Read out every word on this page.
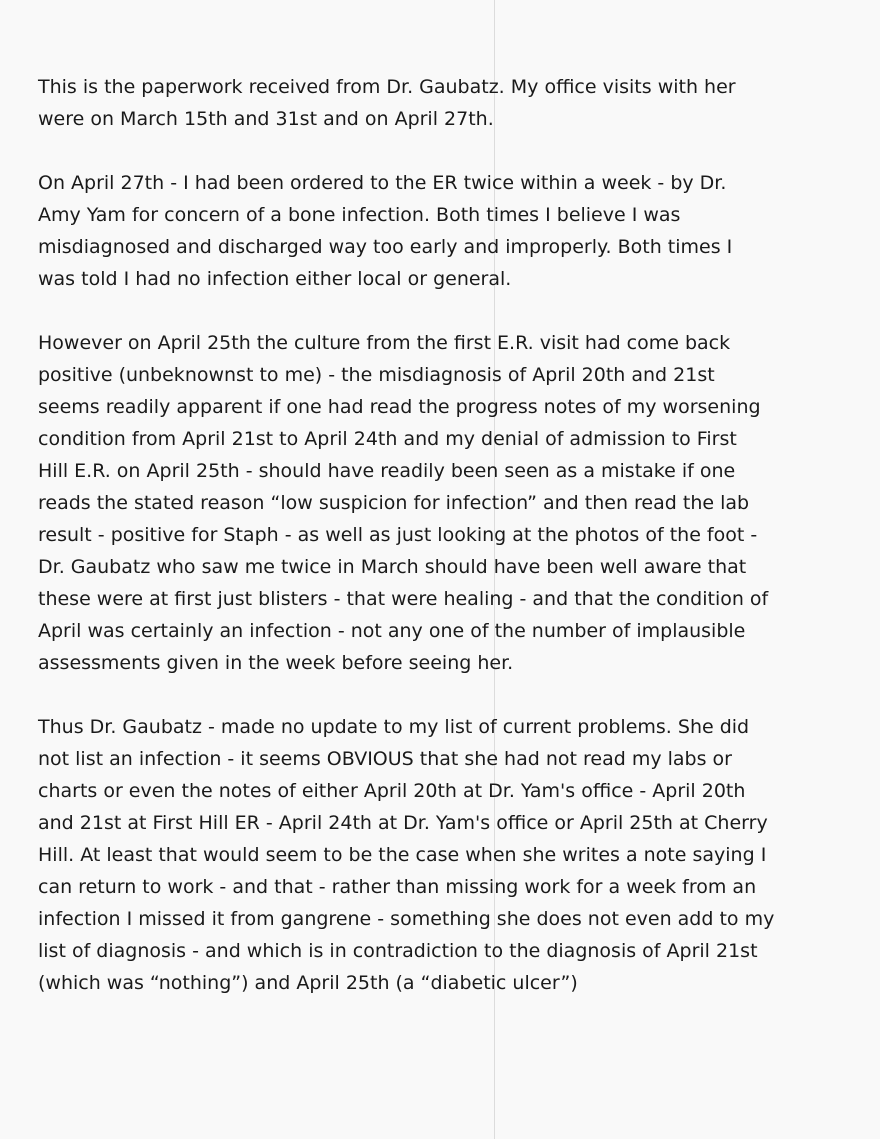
This is the paperwork received from Dr. Gaubatz. My office visits with her
were on March 15th and 31st and on April 27th.

On April 27th - I had been ordered to the ER twice within a week - by Dr.
Amy Yam for concern of a bone infection. Both times I believe I was
misdiagnosed and discharged way too early and improperly. Both times I
was told I had no infection either local or general.

However on April 25th the culture from the first E.R. visit had come back
positive (unbeknownst to me) - the misdiagnosis of April 20th and 21st
seems readily apparent if one had read the progress notes of my worsening
condition from April 21st to April 24th and my denial of admission to First
Hill E.R. on April 25th - should have readily been seen as a mistake if one
reads the stated reason “low suspicion for infection” and then read the lab
result - positive for Staph - as well as just looking at the photos of the foot -
Dr. Gaubatz who saw me twice in March should have been well aware that
these were at first just blisters - that were healing - and that the condition of
April was certainly an infection - not any one of the number of implausible
assessments given in the week before seeing her.

Thus Dr. Gaubatz - made no update to my list of current problems. She did
not list an infection - it seems OBVIOUS that she had not read my labs or
charts or even the notes of either April 20th at Dr. Yam's office - April 20th
and 21st at First Hill ER - April 24th at Dr. Yam's office or April 25th at Cherry
Hill. At least that would seem to be the case when she writes a note saying I
can return to work - and that - rather than missing work for a week from an
infection I missed it from gangrene - something she does not even add to my
list of diagnosis - and which is in contradiction to the diagnosis of April 21st
(which was “nothing”) and April 25th (a “diabetic ulcer”)
